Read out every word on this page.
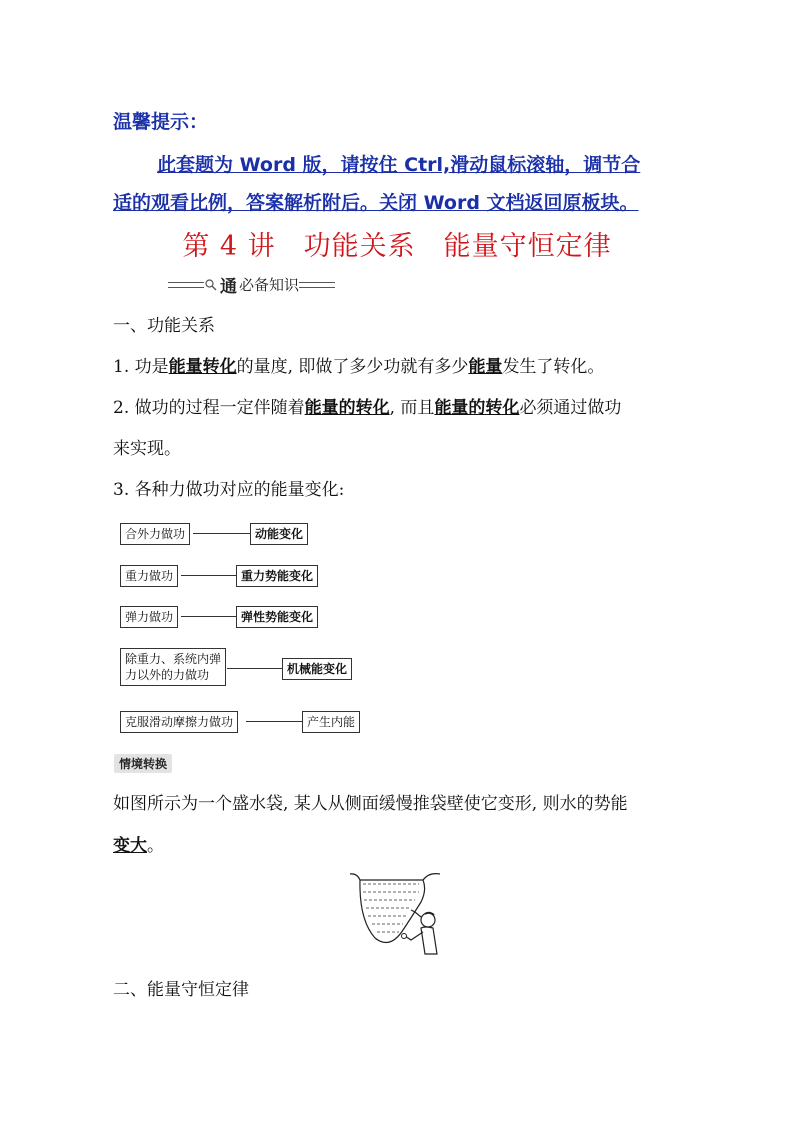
温馨提示：
此套题为 Word 版，请按住 Ctrl,滑动鼠标滚轴，调节合
适的观看比例，答案解析附后。关闭 Word 文档返回原板块。
第 4 讲　功能关系　能量守恒定律
通 必备知识
一、功能关系
1. 功是能量转化的量度, 即做了多少功就有多少能量发生了转化。
2. 做功的过程一定伴随着能量的转化, 而且能量的转化必须通过做功
来实现。
3. 各种力做功对应的能量变化:
合外力做功	动能变化
重力做功	重力势能变化
弹力做功	弹性势能变化
除重力、系统内弹
力以外的力做功	机械能变化
克服滑动摩擦力做功	产生内能
情境转换
如图所示为一个盛水袋, 某人从侧面缓慢推袋壁使它变形, 则水的势能
变大。
二、能量守恒定律
